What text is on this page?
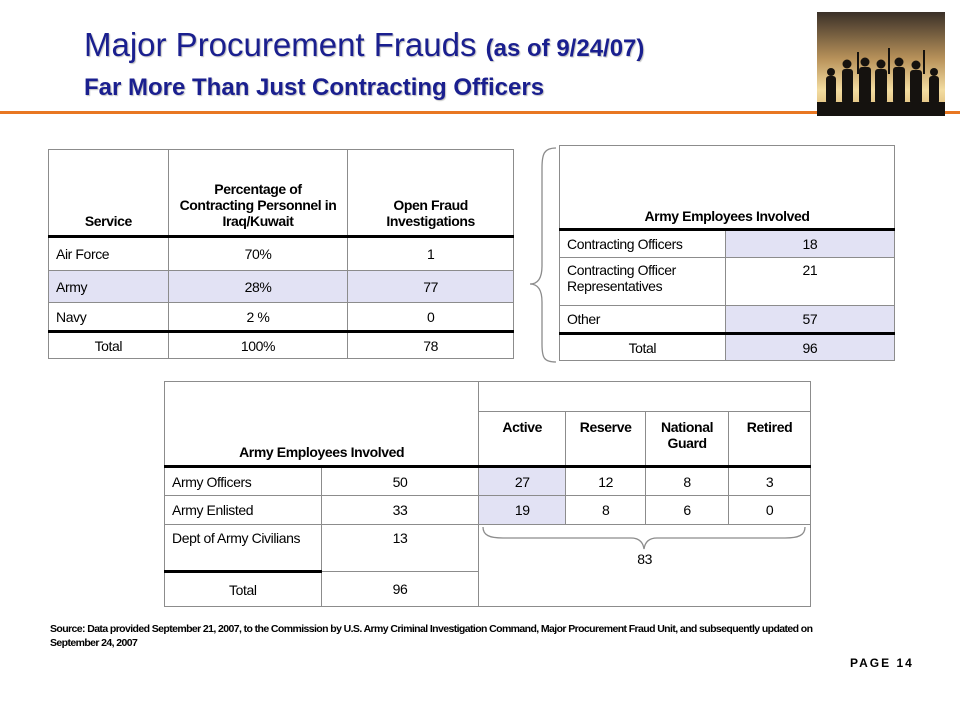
Major Procurement Frauds (as of 9/24/07)
Far More Than Just Contracting Officers
Service	Percentage of Contracting Personnel in Iraq/Kuwait	Open Fraud Investigations
Air Force	70%	1
Army	28%	77
Navy	2 %	0
Total	100%	78
Army Employees Involved	
Contracting Officers	18
Contracting Officer Representatives	21
Other	57
Total	96
Army Employees Involved					
		Active	Reserve	National Guard	Retired
Army Officers	50	27	12	8	3
Army Enlisted	33	19	8	6	0
Dept of Army Civilians	13	83			

Total	96				
Source: Data provided September 21, 2007, to the Commission by U.S. Army Criminal Investigation Command, Major Procurement Fraud Unit, and subsequently updated on September 24, 2007
PAGE 14
